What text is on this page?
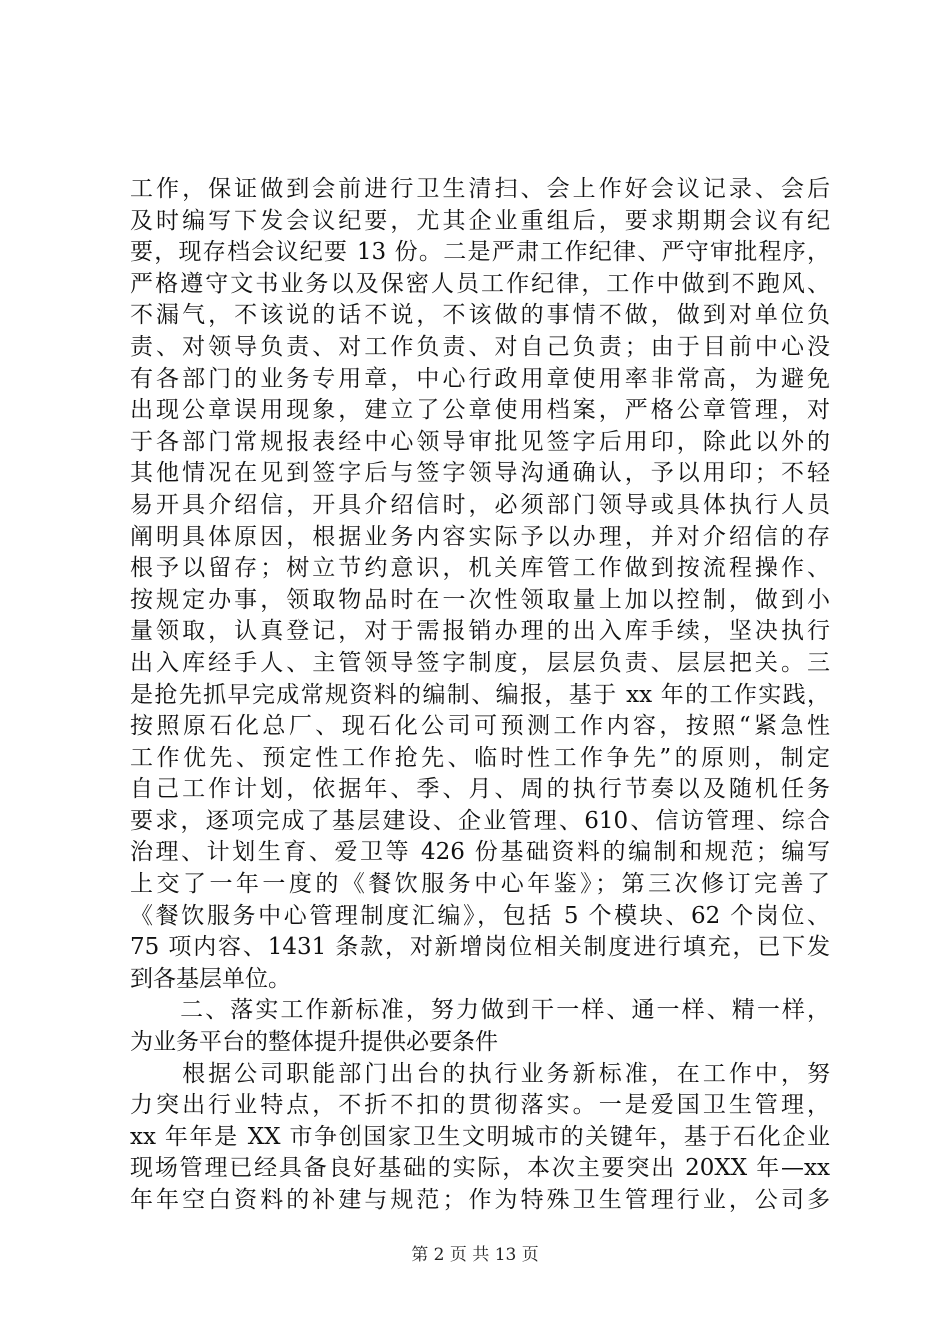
工作，保证做到会前进行卫生清扫、会上作好会议记录、会后
及时编写下发会议纪要，尤其企业重组后，要求期期会议有纪
要，现存档会议纪要 13 份。二是严肃工作纪律、严守审批程序，
严格遵守文书业务以及保密人员工作纪律，工作中做到不跑风、
不漏气，不该说的话不说，不该做的事情不做，做到对单位负
责、对领导负责、对工作负责、对自己负责；由于目前中心没
有各部门的业务专用章，中心行政用章使用率非常高，为避免
出现公章误用现象，建立了公章使用档案，严格公章管理，对
于各部门常规报表经中心领导审批见签字后用印，除此以外的
其他情况在见到签字后与签字领导沟通确认，予以用印；不轻
易开具介绍信，开具介绍信时，必须部门领导或具体执行人员
阐明具体原因，根据业务内容实际予以办理，并对介绍信的存
根予以留存；树立节约意识，机关库管工作做到按流程操作、
按规定办事，领取物品时在一次性领取量上加以控制，做到小
量领取，认真登记，对于需报销办理的出入库手续，坚决执行
出入库经手人、主管领导签字制度，层层负责、层层把关。三
是抢先抓早完成常规资料的编制、编报，基于 xx 年的工作实践，
按照原石化总厂、现石化公司可预测工作内容，按照“紧急性
工作优先、预定性工作抢先、临时性工作争先”的原则，制定
自己工作计划，依据年、季、月、周的执行节奏以及随机任务
要求，逐项完成了基层建设、企业管理、610、信访管理、综合
治理、计划生育、爱卫等 426 份基础资料的编制和规范；编写
上交了一年一度的《餐饮服务中心年鉴》；第三次修订完善了
《餐饮服务中心管理制度汇编》，包括 5 个模块、62 个岗位、
75 项内容、1431 条款，对新增岗位相关制度进行填充，已下发
到各基层单位。
　　二、落实工作新标准，努力做到干一样、通一样、精一样，
为业务平台的整体提升提供必要条件
　　根据公司职能部门出台的执行业务新标准，在工作中，努
力突出行业特点，不折不扣的贯彻落实。一是爱国卫生管理，
xx 年年是 XX 市争创国家卫生文明城市的关键年，基于石化企业
现场管理已经具备良好基础的实际，本次主要突出 20XX 年—xx
年年空白资料的补建与规范；作为特殊卫生管理行业，公司多
第 2 页 共 13 页
